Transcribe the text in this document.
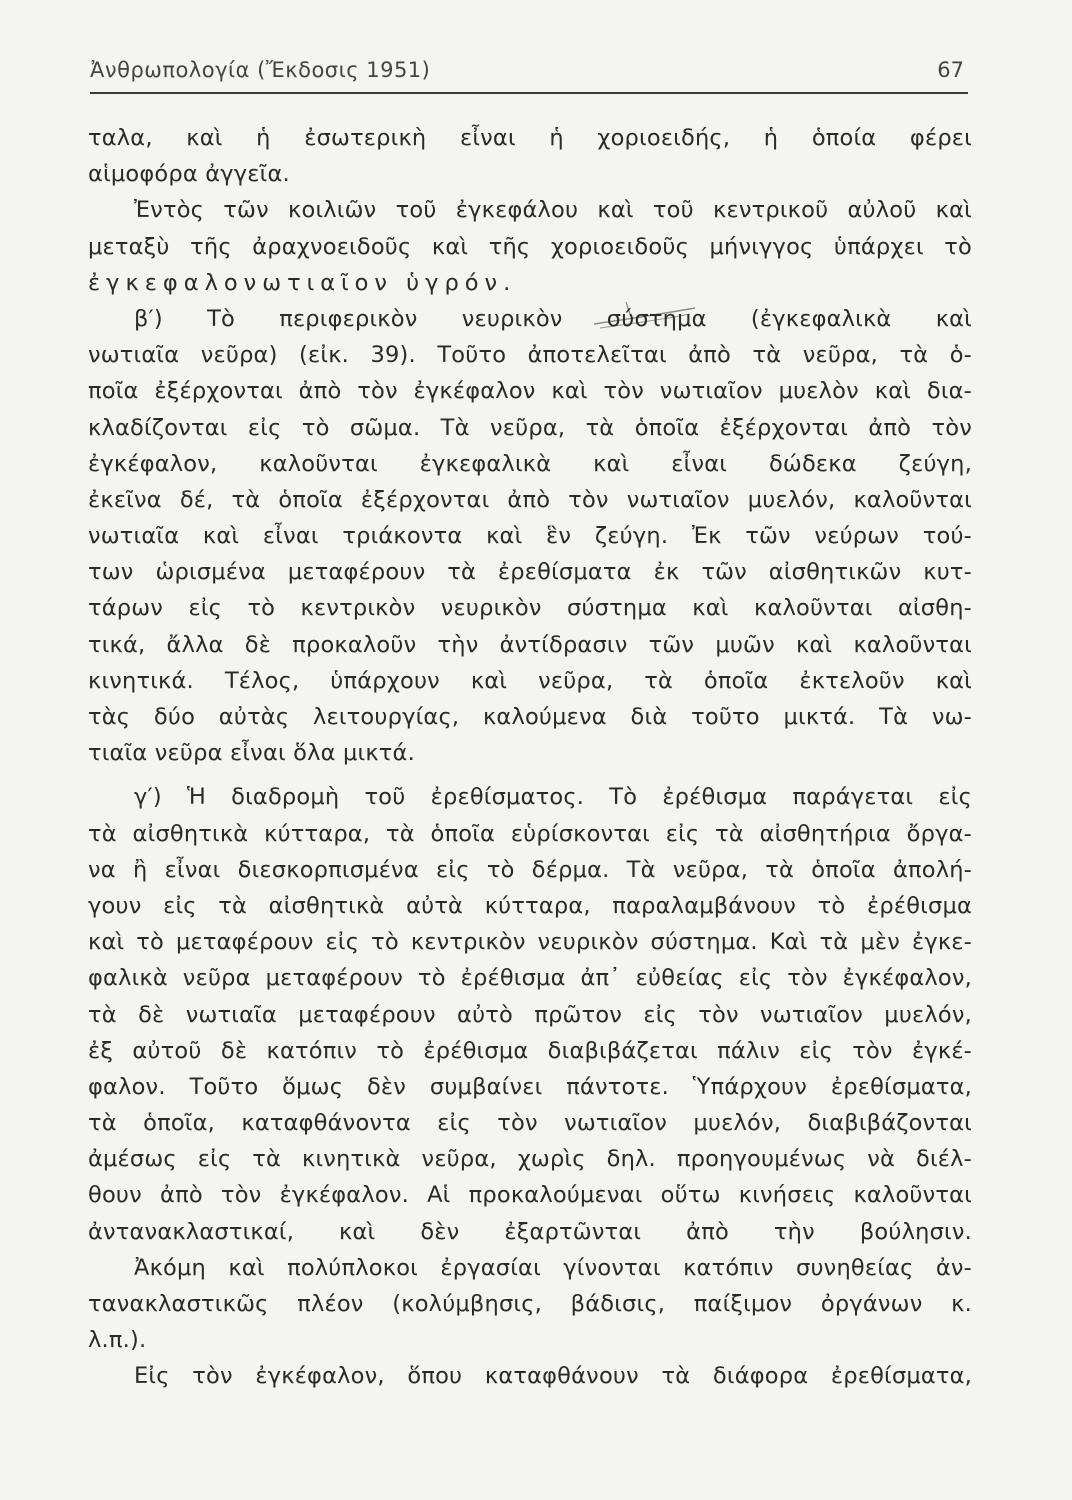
Ἀνθρωπολογία (Ἔκδοσις 1951)	67
ταλα, καὶ ἡ ἐσωτερικὴ εἶναι ἡ χοριοειδής, ἡ ὁποία φέρει
αἱμοφόρα ἀγγεῖα.
Ἐντὸς τῶν κοιλιῶν τοῦ ἐγκεφάλου καὶ τοῦ κεντρικοῦ αὐλοῦ καὶ
μεταξὺ τῆς ἀραχνοειδοῦς καὶ τῆς χοριοειδοῦς μήνιγγος ὑπάρχει τὸ
ἐγκεφαλονωτιαῖον ὑγρόν.
β′) Τὸ περιφερικὸν νευρικὸν σύστημα (ἐγκεφαλικὰ καὶ
νωτιαῖα νεῦρα) (εἰκ. 39). Τοῦτο ἀποτελεῖται ἀπὸ τὰ νεῦρα, τὰ ὁ-
ποῖα ἐξέρχονται ἀπὸ τὸν ἐγκέφαλον καὶ τὸν νωτιαῖον μυελὸν καὶ δια-
κλαδίζονται εἰς τὸ σῶμα. Τὰ νεῦρα, τὰ ὁποῖα ἐξέρχονται ἀπὸ τὸν
ἐγκέφαλον, καλοῦνται ἐγκεφαλικὰ καὶ εἶναι δώδεκα ζεύγη,
ἐκεῖνα δέ, τὰ ὁποῖα ἐξέρχονται ἀπὸ τὸν νωτιαῖον μυελόν, καλοῦνται
νωτιαῖα καὶ εἶναι τριάκοντα καὶ ἓν ζεύγη. Ἐκ τῶν νεύρων τού-
των ὡρισμένα μεταφέρουν τὰ ἐρεθίσματα ἐκ τῶν αἰσθητικῶν κυτ-
τάρων εἰς τὸ κεντρικὸν νευρικὸν σύστημα καὶ καλοῦνται αἰσθη-
τικά, ἄλλα δὲ προκαλοῦν τὴν ἀντίδρασιν τῶν μυῶν καὶ καλοῦνται
κινητικά. Τέλος, ὑπάρχουν καὶ νεῦρα, τὰ ὁποῖα ἐκτελοῦν καὶ
τὰς δύο αὐτὰς λειτουργίας, καλούμενα διὰ τοῦτο μικτά. Τὰ νω-
τιαῖα νεῦρα εἶναι ὅλα μικτά.
γ′) Ἡ διαδρομὴ τοῦ ἐρεθίσματος. Τὸ ἐρέθισμα παράγεται εἰς
τὰ αἰσθητικὰ κύτταρα, τὰ ὁποῖα εὑρίσκονται εἰς τὰ αἰσθητήρια ὄργα-
να ἢ εἶναι διεσκορπισμένα εἰς τὸ δέρμα. Τὰ νεῦρα, τὰ ὁποῖα ἀπολή-
γουν εἰς τὰ αἰσθητικὰ αὐτὰ κύτταρα, παραλαμβάνουν τὸ ἐρέθισμα
καὶ τὸ μεταφέρουν εἰς τὸ κεντρικὸν νευρικὸν σύστημα. Καὶ τὰ μὲν ἐγκε-
φαλικὰ νεῦρα μεταφέρουν τὸ ἐρέθισμα ἀπ᾿ εὐθείας εἰς τὸν ἐγκέφαλον,
τὰ δὲ νωτιαῖα μεταφέρουν αὐτὸ πρῶτον εἰς τὸν νωτιαῖον μυελόν,
ἐξ αὐτοῦ δὲ κατόπιν τὸ ἐρέθισμα διαβιβάζεται πάλιν εἰς τὸν ἐγκέ-
φαλον. Τοῦτο ὅμως δὲν συμβαίνει πάντοτε. Ὑπάρχουν ἐρεθίσματα,
τὰ ὁποῖα, καταφθάνοντα εἰς τὸν νωτιαῖον μυελόν, διαβιβάζονται
ἀμέσως εἰς τὰ κινητικὰ νεῦρα, χωρὶς δηλ. προηγουμένως νὰ διέλ-
θουν ἀπὸ τὸν ἐγκέφαλον. Αἱ προκαλούμεναι οὕτω κινήσεις καλοῦνται
ἀντανακλαστικαί, καὶ δὲν ἐξαρτῶνται ἀπὸ τὴν βούλησιν.
Ἀκόμη καὶ πολύπλοκοι ἐργασίαι γίνονται κατόπιν συνηθείας ἀν-
τανακλαστικῶς πλέον (κολύμβησις, βάδισις, παίξιμον ὀργάνων κ.
λ.π.).
Εἰς τὸν ἐγκέφαλον, ὅπου καταφθάνουν τὰ διάφορα ἐρεθίσματα,
